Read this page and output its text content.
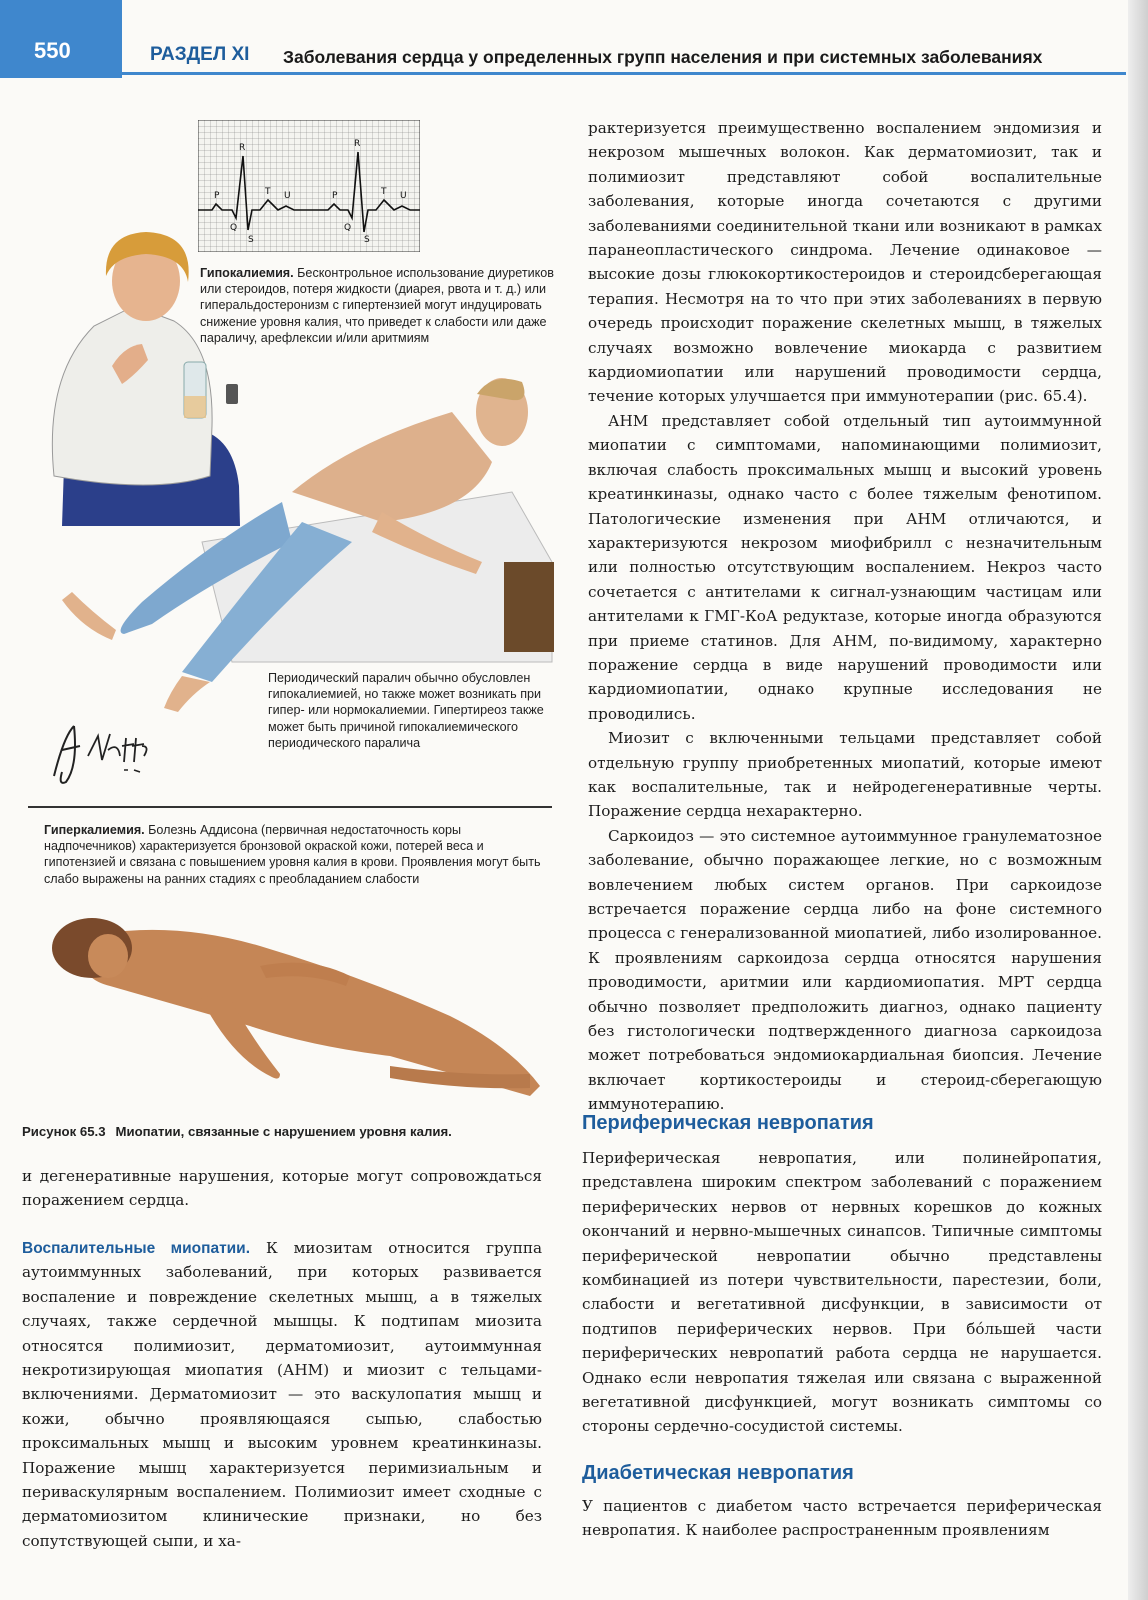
550	РАЗДЕЛ XI Заболевания сердца у определенных групп населения и при системных заболеваниях
R
P	T U
Q
S
R
P	T U
Q
S
Гипокалиемия. Бесконтрольное использование диуретиков или стероидов, потеря жидкости (диарея, рвота и т. д.) или гиперальдостеронизм с гипертензией могут индуцировать снижение уровня калия, что приведет к слабости или даже параличу, арефлексии и/или аритмиям
Периодический паралич обычно обусловлен гипокалиемией, но также может возникать при гипер- или нормокалиемии. Гипертиреоз также может быть причиной гипокалиемического периодического паралича
Гиперкалиемия. Болезнь Аддисона (первичная недостаточность коры надпочечников) характеризуется бронзовой окраской кожи, потерей веса и гипотензией и связана с повышением уровня калия в крови. Проявления могут быть слабо выражены на ранних стадиях с преобладанием слабости
Рисунок 65.3 Миопатии, связанные с нарушением уровня калия.

и дегенеративные нарушения, которые могут сопровождаться поражением сердца.

Воспалительные миопатии. К миозитам относится группа аутоиммунных заболеваний, при которых развивается воспаление и повреждение скелетных мышц, а в тяжелых случаях, также сердечной мышцы. К подтипам миозита относятся полимиозит, дерматомиозит, аутоиммунная некротизирующая миопатия (АНМ) и миозит с тельцами-включениями. Дерматомиозит — это васкулопатия мышц и кожи, обычно проявляющаяся сыпью, слабостью проксимальных мышц и высоким уровнем креатинкиназы. Поражение мышц характеризуется перимизиальным и периваскулярным воспалением. Полимиозит имеет сходные с дерматомиозитом клинические признаки, но без сопутствующей сыпи, и ха-

рактеризуется преимущественно воспалением эндомизия и некрозом мышечных волокон. Как дерматомиозит, так и полимиозит представляют собой воспалительные заболевания, которые иногда сочетаются с другими заболеваниями соединительной ткани или возникают в рамках паранеопластического синдрома. Лечение одинаковое — высокие дозы глюкокортикостероидов и стероидсберегающая терапия. Несмотря на то что при этих заболеваниях в первую очередь происходит поражение скелетных мышц, в тяжелых случаях возможно вовлечение миокарда с развитием кардиомиопатии или нарушений проводимости сердца, течение которых улучшается при иммунотерапии (рис. 65.4).

АНМ представляет собой отдельный тип аутоиммунной миопатии с симптомами, напоминающими полимиозит, включая слабость проксимальных мышц и высокий уровень креатинкиназы, однако часто с более тяжелым фенотипом. Патологические изменения при АНМ отличаются, и характеризуются некрозом миофибрилл с незначительным или полностью отсутствующим воспалением. Некроз часто сочетается с антителами к сигнал-узнающим частицам или антителами к ГМГ-КоА редуктазе, которые иногда образуются при приеме статинов. Для АНМ, по-видимому, характерно поражение сердца в виде нарушений проводимости или кардиомиопатии, однако крупные исследования не проводились.

Миозит с включенными тельцами представляет собой отдельную группу приобретенных миопатий, которые имеют как воспалительные, так и нейродегенеративные черты. Поражение сердца нехарактерно.

Саркоидоз — это системное аутоиммунное гранулематозное заболевание, обычно поражающее легкие, но с возможным вовлечением любых систем органов. При саркоидозе встречается поражение сердца либо на фоне системного процесса с генерализованной миопатией, либо изолированное. К проявлениям саркоидоза сердца относятся нарушения проводимости, аритмии или кардиомиопатия. МРТ сердца обычно позволяет предположить диагноз, однако пациенту без гистологически подтвержденного диагноза саркоидоза может потребоваться эндомиокардиальная биопсия. Лечение включает кортикостероиды и стероид-сберегающую иммунотерапию.

Периферическая невропатия

Периферическая невропатия, или полинейропатия, представлена широким спектром заболеваний с поражением периферических нервов от нервных корешков до кожных окончаний и нервно-мышечных синапсов. Типичные симптомы периферической невропатии обычно представлены комбинацией из потери чувствительности, парестезии, боли, слабости и вегетативной дисфункции, в зависимости от подтипов периферических нервов. При бóльшей части периферических невропатий работа сердца не нарушается. Однако если невропатия тяжелая или связана с выраженной вегетативной дисфункцией, могут возникать симптомы со стороны сердечно-сосудистой системы.

Диабетическая невропатия

У пациентов с диабетом часто встречается периферическая невропатия. К наиболее распространенным проявлениям
